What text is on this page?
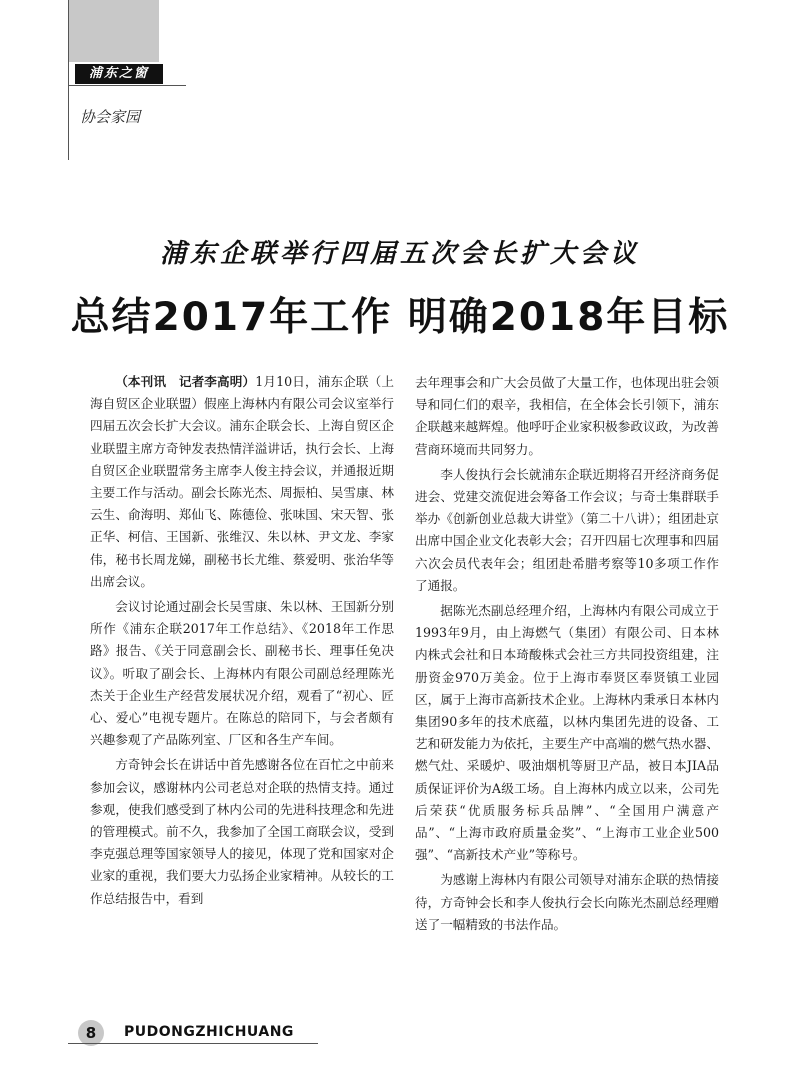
浦东之窗
协会家园
浦东企联举行四届五次会长扩大会议
总结2017年工作 明确2018年目标

（本刊讯　记者李高明）1月10日，浦东企联（上海自贸区企业联盟）假座上海林内有限公司会议室举行四届五次会长扩大会议。浦东企联会长、上海自贸区企业联盟主席方奇钟发表热情洋溢讲话，执行会长、上海自贸区企业联盟常务主席李人俊主持会议，并通报近期主要工作与活动。副会长陈光杰、周振柏、吴雪康、林云生、俞海明、郑仙飞、陈德俭、张味国、宋天智、张正华、柯信、王国新、张维汉、朱以林、尹文龙、李家伟，秘书长周龙娣，副秘书长尤维、蔡爱明、张治华等出席会议。

会议讨论通过副会长吴雪康、朱以林、王国新分别所作《浦东企联2017年工作总结》、《2018年工作思路》报告、《关于同意副会长、副秘书长、理事任免决议》。听取了副会长、上海林内有限公司副总经理陈光杰关于企业生产经营发展状况介绍，观看了“初心、匠心、爱心”电视专题片。在陈总的陪同下，与会者颇有兴趣参观了产品陈列室、厂区和各生产车间。

方奇钟会长在讲话中首先感谢各位在百忙之中前来参加会议，感谢林内公司老总对企联的热情支持。通过参观，使我们感受到了林内公司的先进科技理念和先进的管理模式。前不久，我参加了全国工商联会议，受到李克强总理等国家领导人的接见，体现了党和国家对企业家的重视，我们要大力弘扬企业家精神。从较长的工作总结报告中，看到

去年理事会和广大会员做了大量工作，也体现出驻会领导和同仁们的艰辛，我相信，在全体会长引领下，浦东企联越来越辉煌。他呼吁企业家积极参政议政，为改善营商环境而共同努力。

李人俊执行会长就浦东企联近期将召开经济商务促进会、党建交流促进会筹备工作会议；与奇士集群联手举办《创新创业总裁大讲堂》（第二十八讲）；组团赴京出席中国企业文化表彰大会；召开四届七次理事和四届六次会员代表年会；组团赴希腊考察等10多项工作作了通报。

据陈光杰副总经理介绍，上海林内有限公司成立于1993年9月，由上海燃气（集团）有限公司、日本林内株式会社和日本琦酸株式会社三方共同投资组建，注册资金970万美金。位于上海市奉贤区奉贤镇工业园区，属于上海市高新技术企业。上海林内秉承日本林内集团90多年的技术底蕴，以林内集团先进的设备、工艺和研发能力为依托，主要生产中高端的燃气热水器、燃气灶、采暖炉、吸油烟机等厨卫产品，被日本JIA品质保证评价为A级工场。自上海林内成立以来，公司先后荣获“优质服务标兵品牌”、“全国用户满意产品”、“上海市政府质量金奖”、“上海市工业企业500强”、“高新技术产业”等称号。

为感谢上海林内有限公司领导对浦东企联的热情接待，方奇钟会长和李人俊执行会长向陈光杰副总经理赠送了一幅精致的书法作品。

8	PUDONGZHICHUANG
